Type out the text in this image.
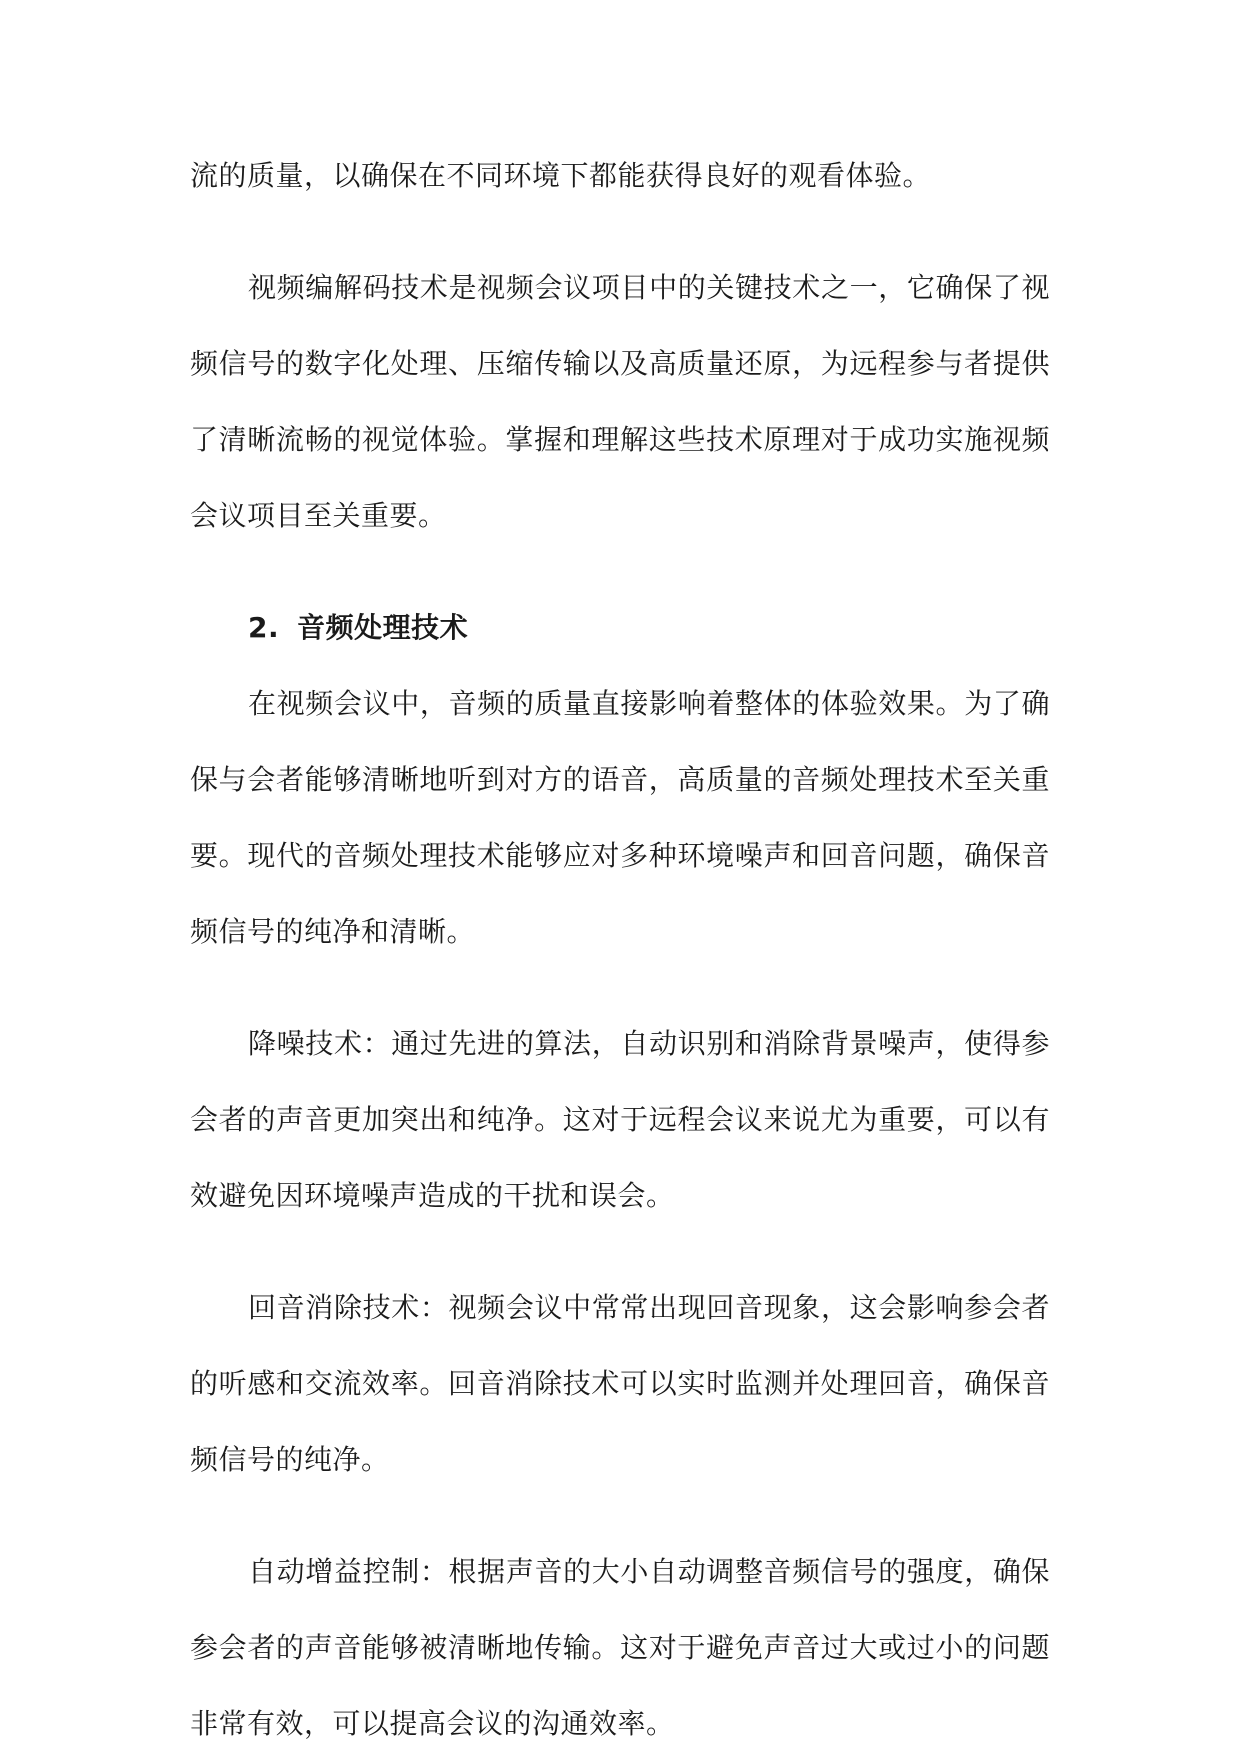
流的质量，以确保在不同环境下都能获得良好的观看体验。

视频编解码技术是视频会议项目中的关键技术之一，它确保了视频信号的数字化处理、压缩传输以及高质量还原，为远程参与者提供了清晰流畅的视觉体验。掌握和理解这些技术原理对于成功实施视频会议项目至关重要。

2. 音频处理技术

在视频会议中，音频的质量直接影响着整体的体验效果。为了确保与会者能够清晰地听到对方的语音，高质量的音频处理技术至关重要。现代的音频处理技术能够应对多种环境噪声和回音问题，确保音频信号的纯净和清晰。

降噪技术：通过先进的算法，自动识别和消除背景噪声，使得参会者的声音更加突出和纯净。这对于远程会议来说尤为重要，可以有效避免因环境噪声造成的干扰和误会。

回音消除技术：视频会议中常常出现回音现象，这会影响参会者的听感和交流效率。回音消除技术可以实时监测并处理回音，确保音频信号的纯净。

自动增益控制：根据声音的大小自动调整音频信号的强度，确保参会者的声音能够被清晰地传输。这对于避免声音过大或过小的问题非常有效，可以提高会议的沟通效率。
